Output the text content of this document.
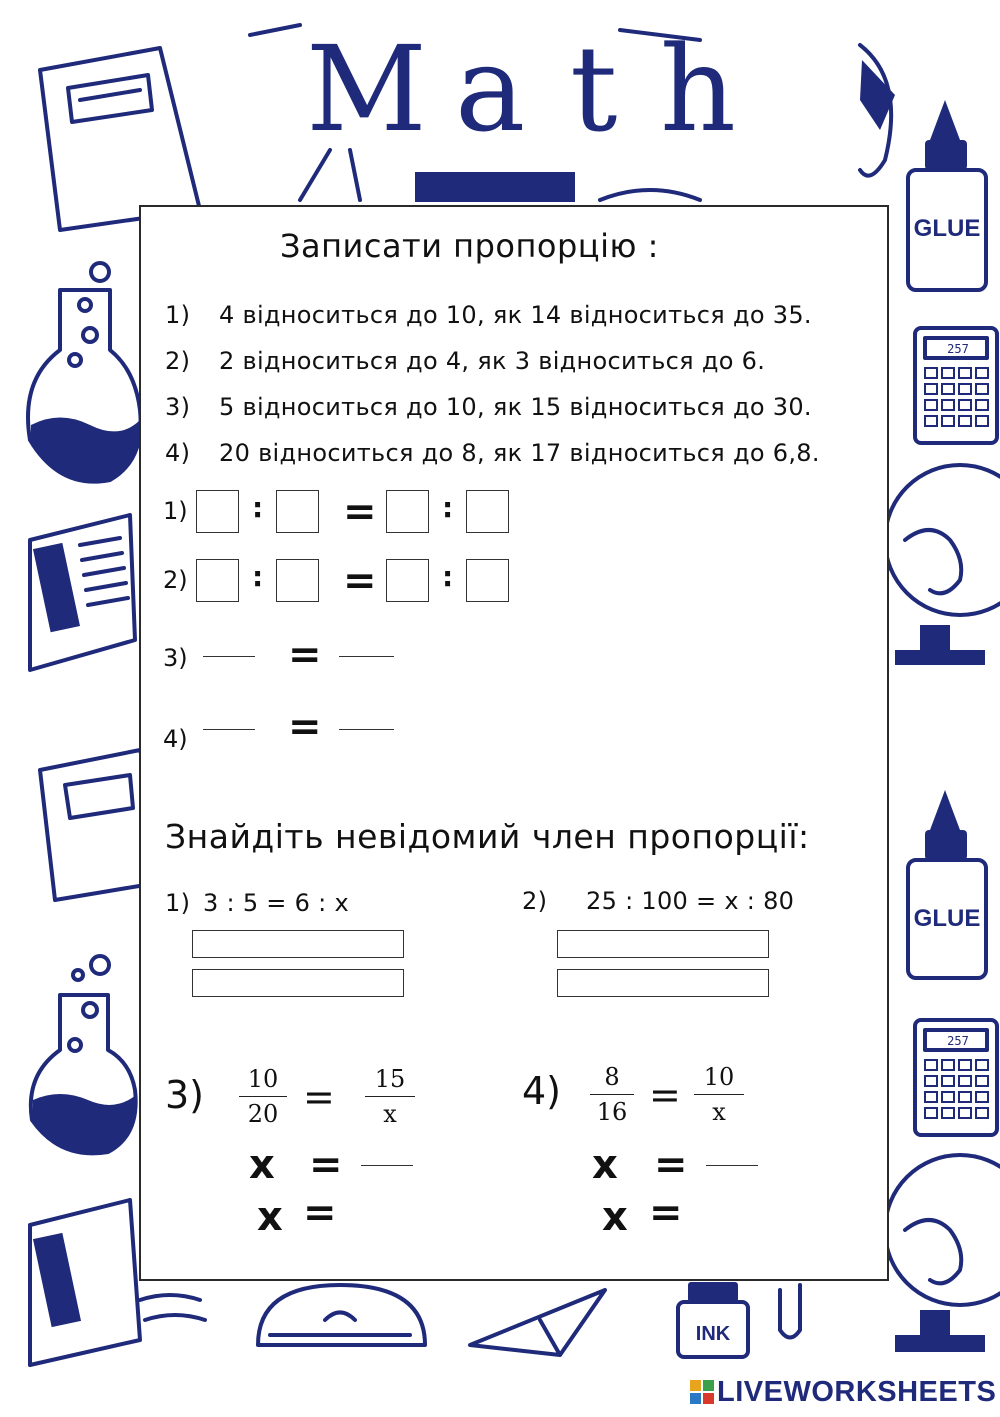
GLUE
257
GLUE
257
INK
M a t h
Записати пропорцію :
1) 4 відноситься до 10, як 14 відноситься до 35.
2) 2 відноситься до 4, як 3 відноситься до 6.
3) 5 відноситься до 10, як 15 відноситься до 30.
4) 20 відноситься до 8, як 17 відноситься до 6,8.
1) : = :
2) : = :
3)	=
4)	=
Знайдіть невідомий член пропорції:
1) 3 : 5 = 6 : x	2) 25 : 100 = x : 80
3)	10
20 =	15
x
x =
x =
4)	8
16 = 10
x
x =
x =
LIVEWORKSHEETS
